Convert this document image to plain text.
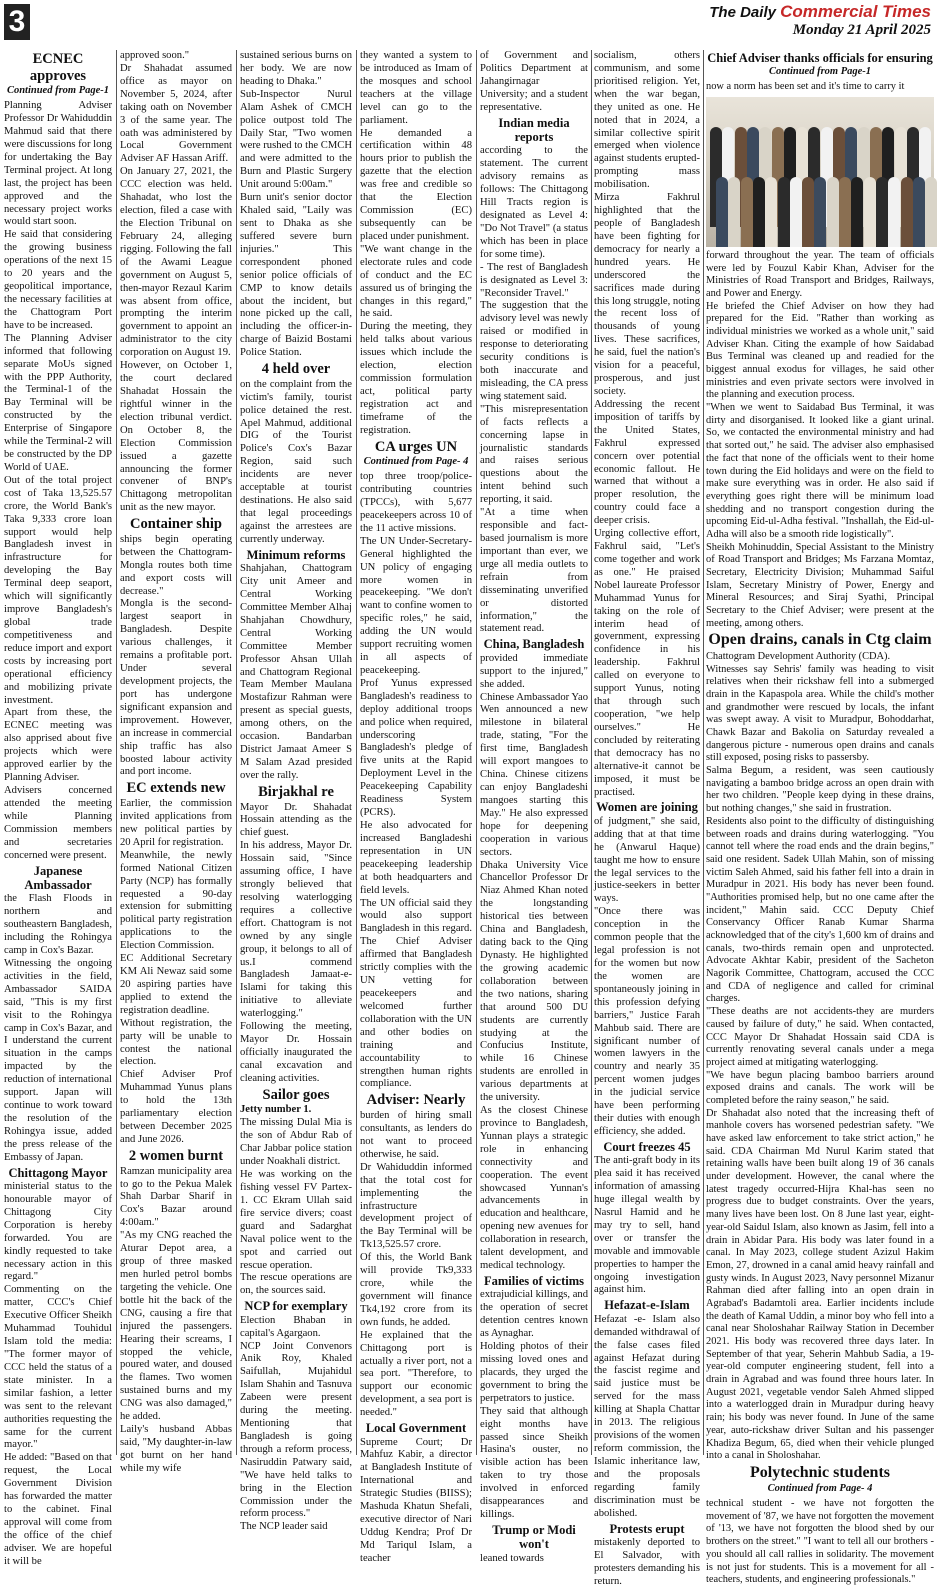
3	The Daily Commercial Times
Monday 21 April 2025
ECNEC approves
Continued from Page-1

Planning Adviser Professor Dr Wahiduddin Mahmud said that there were discussions for long for undertaking the Bay Terminal project. At long last, the project has been approved and the necessary project works would start soon.

He said that considering the growing business operations of the next 15 to 20 years and the geopolitical importance, the necessary facilities at the Chattogram Port have to be increased.

The Planning Adviser informed that following separate MoUs signed with the PPP Authority, the Terminal-1 of the Bay Terminal will be constructed by the Enterprise of Singapore while the Terminal-2 will be constructed by the DP World of UAE.

Out of the total project cost of Taka 13,525.57 crore, the World Bank's Taka 9,333 crore loan support would help Bangladesh invest in infrastructure for developing the Bay Terminal deep seaport, which will significantly improve Bangladesh's global trade competitiveness and reduce import and export costs by increasing port operational efficiency and mobilizing private investment.

Apart from these, the ECNEC meeting was also apprised about five projects which were approved earlier by the Planning Adviser.

Advisers concerned attended the meeting while Planning Commission members and secretaries concerned were present.

Japanese Ambassador

the Flash Floods in northern and southeastern Bangladesh, including the Rohingya camp in Cox's Bazar.

Witnessing the ongoing activities in the field, Ambassador SAIDA said, "This is my first visit to the Rohingya camp in Cox's Bazar, and I understand the current situation in the camps impacted by the reduction of international support. Japan will continue to work toward the resolution of the Rohingya issue, added the press release of the Embassy of Japan.

Chittagong Mayor

ministerial status to the honourable mayor of Chittagong City Corporation is hereby forwarded. You are kindly requested to take necessary action in this regard."

Commenting on the matter, CCC's Chief Executive Officer Sheikh Muhammad Touhidul Islam told the media: "The former mayor of CCC held the status of a state minister. In a similar fashion, a letter was sent to the relevant authorities requesting the same for the current mayor."

He added: "Based on that request, the Local Government Division has forwarded the matter to the cabinet. Final approval will come from the office of the chief adviser. We are hopeful it will be

approved soon."

Dr Shahadat assumed office as mayor on November 5, 2024, after taking oath on November 3 of the same year. The oath was administered by Local Government Adviser AF Hassan Ariff.

On January 27, 2021, the CCC election was held. Shahadat, who lost the election, filed a case with the Election Tribunal on February 24, alleging rigging. Following the fall of the Awami League government on August 5, then-mayor Rezaul Karim was absent from office, prompting the interim government to appoint an administrator to the city corporation on August 19.

However, on October 1, the court declared Shahadat Hossain the rightful winner in the election tribunal verdict. On October 8, the Election Commission issued a gazette announcing the former convener of BNP's Chittagong metropolitan unit as the new mayor.

Container ship

ships begin operating between the Chattogram-Mongla routes both time and export costs will decrease."

Mongla is the second-largest seaport in Bangladesh. Despite various challenges, it remains a profitable port. Under several development projects, the port has undergone significant expansion and improvement. However, an increase in commercial ship traffic has also boosted labour activity and port income.

EC extends new

Earlier, the commission invited applications from new political parties by 20 April for registration.

Meanwhile, the newly formed National Citizen Party (NCP) has formally requested a 90-day extension for submitting political party registration applications to the Election Commission.

EC Additional Secretary KM Ali Newaz said some 20 aspiring parties have applied to extend the registration deadline.

Without registration, the party will be unable to contest the national election.

Chief Adviser Prof Muhammad Yunus plans to hold the 13th parliamentary election between December 2025 and June 2026.

2 women burnt

Ramzan municipality area to go to the Pekua Malek Shah Darbar Sharif in Cox's Bazar around 4:00am."

"As my CNG reached the Aturar Depot area, a group of three masked men hurled petrol bombs targeting the vehicle. One bottle hit the back of the CNG, causing a fire that injured the passengers. Hearing their screams, I stopped the vehicle, poured water, and doused the flames. Two women sustained burns and my CNG was also damaged," he added.

Laily's husband Abbas said, "My daughter-in-law got burnt on her hand while my wife

sustained serious burns on her body. We are now heading to Dhaka."

Sub-Inspector Nurul Alam Ashek of CMCH police outpost told The Daily Star, "Two women were rushed to the CMCH and were admitted to the Burn and Plastic Surgery Unit around 5:00am."

Burn unit's senior doctor Khaled said, "Laily was sent to Dhaka as she suffered severe burn injuries." This correspondent phoned senior police officials of CMP to know details about the incident, but none picked up the call, including the officer-in-charge of Baizid Bostami Police Station.

4 held over

on the complaint from the victim's family, tourist police detained the rest. Apel Mahmud, additional DIG of the Tourist Police's Cox's Bazar Region, said such incidents are never acceptable at tourist destinations. He also said that legal proceedings against the arrestees are currently underway.

Minimum reforms

Shahjahan, Chattogram City unit Ameer and Central Working Committee Member Alhaj Shahjahan Chowdhury, Central Working Committee Member Professor Ahsan Ullah and Chattogram Regional Team Member Maulana Mostafizur Rahman were present as special guests, among others, on the occasion. Bandarban District Jamaat Ameer S M Salam Azad presided over the rally.

Birjakhal re

Mayor Dr. Shahadat Hossain attending as the chief guest.

In his address, Mayor Dr. Hossain said, "Since assuming office, I have strongly believed that resolving waterlogging requires a collective effort. Chattogram is not owned by any single group, it belongs to all of us.I commend Bangladesh Jamaat-e-Islami for taking this initiative to alleviate waterlogging."

Following the meeting, Mayor Dr. Hossain officially inaugurated the canal excavation and cleaning activities.

Sailor goes

Jetty number 1.

The missing Dulal Mia is the son of Abdur Rab of Char Jabbar police station under Noakhali district.

He was working on the fishing vessel FV Partex-1. CC Ekram Ullah said fire service divers; coast guard and Sadarghat Naval police went to the spot and carried out rescue operation.

The rescue operations are on, the sources said.

NCP for exemplary

Election Bhaban in capital's Agargaon.

NCP Joint Convenors Anik Roy, Khaled Saifullah, Mujahidul Islam Shahin and Tasnuva Zabeen were present during the meeting. Mentioning that Bangladesh is going through a reform process, Nasiruddin Patwary said, "We have held talks to bring in the Election Commission under the reform process."

The NCP leader said

they wanted a system to be introduced as Imam of the mosques and school teachers at the village level can go to the parliament.

He demanded a certification within 48 hours prior to publish the gazette that the election was free and credible so that the Election Commission (EC) subsequently can be placed under punishment.

"We want change in the electorate rules and code of conduct and the EC assured us of bringing the changes in this regard," he said.

During the meeting, they held talks about various issues which include the election, election commission formulation act, political party registration act and timeframe of the registration.

CA urges UN
Continued from Page- 4

top three troop/police-contributing countries (TPCCs), with 5,677 peacekeepers across 10 of the 11 active missions.

The UN Under-Secretary-General highlighted the UN policy of engaging more women in peacekeeping. "We don't want to confine women to specific roles," he said, adding the UN would support recruiting women in all aspects of peacekeeping.

Prof Yunus expressed Bangladesh's readiness to deploy additional troops and police when required, underscoring Bangladesh's pledge of five units at the Rapid Deployment Level in the Peacekeeping Capability Readiness System (PCRS).

He also advocated for increased Bangladeshi representation in UN peacekeeping leadership at both headquarters and field levels.

The UN official said they would also support Bangladesh in this regard. The Chief Adviser affirmed that Bangladesh strictly complies with the UN vetting for peacekeepers and welcomed further collaboration with the UN and other bodies on training and accountability to strengthen human rights compliance.

Adviser: Nearly

burden of hiring small consultants, as lenders do not want to proceed otherwise, he said.

Dr Wahiduddin informed that the total cost for implementing the infrastructure development project of the Bay Terminal will be Tk13,525.57 crore.

Of this, the World Bank will provide Tk9,333 crore, while the government will finance Tk4,192 crore from its own funds, he added.

He explained that the Chittagong port is actually a river port, not a sea port. "Therefore, to support our economic development, a sea port is needed."

Local Government

Supreme Court; Dr Mahfuz Kabir, a director at Bangladesh Institute of International and Strategic Studies (BIISS); Mashuda Khatun Shefali, executive director of Nari Uddug Kendra; Prof Dr Md Tariqul Islam, a teacher

of Government and Politics Department at Jahangirnagar University; and a student representative.

Indian media reports

according to the statement. The current advisory remains as follows: The Chittagong Hill Tracts region is designated as Level 4: "Do Not Travel" (a status which has been in place for some time).

- The rest of Bangladesh is designated as Level 3: "Reconsider Travel."

The suggestion that the advisory level was newly raised or modified in response to deteriorating security conditions is both inaccurate and misleading, the CA press wing statement said.

"This misrepresentation of facts reflects a concerning lapse in journalistic standards and raises serious questions about the intent behind such reporting, it said.

"At a time when responsible and fact-based journalism is more important than ever, we urge all media outlets to refrain from disseminating unverified or distorted information," the statement read.

China, Bangladesh

provided immediate support to the injured," she added.

Chinese Ambassador Yao Wen announced a new milestone in bilateral trade, stating, "For the first time, Bangladesh will export mangoes to China. Chinese citizens can enjoy Bangladeshi mangoes starting this May." He also expressed hope for deepening cooperation in various sectors.

Dhaka University Vice Chancellor Professor Dr Niaz Ahmed Khan noted the longstanding historical ties between China and Bangladesh, dating back to the Qing Dynasty. He highlighted the growing academic collaboration between the two nations, sharing that around 500 DU students are currently studying at the Confucius Institute, while 16 Chinese students are enrolled in various departments at the university.

As the closest Chinese province to Bangladesh, Yunnan plays a strategic role in enhancing connectivity and cooperation. The event showcased Yunnan's advancements in education and healthcare, opening new avenues for collaboration in research, talent development, and medical technology.

Families of victims

extrajudicial killings, and the operation of secret detention centres known as Aynaghar.

Holding photos of their missing loved ones and placards, they urged the government to bring the perpetrators to justice.

They said that although eight months have passed since Sheikh Hasina's ouster, no visible action has been taken to try those involved in enforced disappearances and killings.

Trump or Modi won't

leaned towards

socialism, others communism, and some prioritised religion. Yet, when the war began, they united as one. He noted that in 2024, a similar collective spirit emerged when violence against students erupted-prompting mass mobilisation.

Mirza Fakhrul highlighted that the people of Bangladesh have been fighting for democracy for nearly a hundred years. He underscored the sacrifices made during this long struggle, noting the recent loss of thousands of young lives. These sacrifices, he said, fuel the nation's vision for a peaceful, prosperous, and just society.

Addressing the recent imposition of tariffs by the United States, Fakhrul expressed concern over potential economic fallout. He warned that without a proper resolution, the country could face a deeper crisis.

Urging collective effort, Fakhrul said, "Let's come together and work as one." He praised Nobel laureate Professor Muhammad Yunus for taking on the role of interim head of government, expressing confidence in his leadership. Fakhrul called on everyone to support Yunus, noting that through such cooperation, "we help ourselves." He concluded by reiterating that democracy has no alternative-it cannot be imposed, it must be practised.

Women are joining

of judgment," she said, adding that at that time he (Anwarul Haque) taught me how to ensure the legal services to the justice-seekers in better ways.

"Once there was conception in the common people that the legal profession is not for the women but now the women are spontaneously joining in this profession defying barriers," Justice Farah Mahbub said. There are significant number of women lawyers in the country and nearly 35 percent women judges in the judicial service have been performing their duties with enough efficiency, she added.

Court freezes 45

The anti-graft body in its plea said it has received information of amassing huge illegal wealth by Nasrul Hamid and he may try to sell, hand over or transfer the movable and immovable properties to hamper the ongoing investigation against him.

Hefazat-e-Islam

Hefazat -e- Islam also demanded withdrawal of the false cases filed against Hefazat during the fascist regime and said justice must be served for the mass killing at Shapla Chattar in 2013. The religious provisions of the women reform commission, the Islamic inheritance law, and the proposals regarding family discrimination must be abolished.

Protests erupt

mistakenly deported to El Salvador, with protesters demanding his return.

Chief Adviser thanks officials for ensuring
Continued from Page-1

now a norm has been set and it's time to carry it

forward throughout the year. The team of officials were led by Fouzul Kabir Khan, Adviser for the Ministries of Road Transport and Bridges, Railways, and Power and Energy.

He briefed the Chief Adviser on how they had prepared for the Eid. "Rather than working as individual ministries we worked as a whole unit," said Adviser Khan. Citing the example of how Saidabad Bus Terminal was cleaned up and readied for the biggest annual exodus for villages, he said other ministries and even private sectors were involved in the planning and execution process.

"When we went to Saidabad Bus Terminal, it was dirty and disorganised. It looked like a giant urinal. So, we contacted the environmental ministry and had that sorted out," he said. The adviser also emphasised the fact that none of the officials went to their home town during the Eid holidays and were on the field to make sure everything was in order. He also said if everything goes right there will be minimum load shedding and no transport congestion during the upcoming Eid-ul-Adha festival. "Inshallah, the Eid-ul-Adha will also be a smooth ride logistically".

Sheikh Mohinuddin, Special Assistant to the Ministry of Road Transport and Bridges; Ms Farzana Momtaz, Secretary, Electricity Division; Muhammad Saiful Islam, Secretary Ministry of Power, Energy and Mineral Resources; and Siraj Syathi, Principal Secretary to the Chief Adviser; were present at the meeting, among others.

Open drains, canals in Ctg claim

Chattogram Development Authority (CDA).

Witnesses say Sehris' family was heading to visit relatives when their rickshaw fell into a submerged drain in the Kapaspola area. While the child's mother and grandmother were rescued by locals, the infant was swept away. A visit to Muradpur, Bohoddarhat, Chawk Bazar and Bakolia on Saturday revealed a dangerous picture - numerous open drains and canals still exposed, posing risks to passersby.

Salma Begum, a resident, was seen cautiously navigating a bamboo bridge across an open drain with her two children. "People keep dying in these drains, but nothing changes," she said in frustration.

Residents also point to the difficulty of distinguishing between roads and drains during waterlogging. "You cannot tell where the road ends and the drain begins," said one resident. Sadek Ullah Mahin, son of missing victim Saleh Ahmed, said his father fell into a drain in Muradpur in 2021. His body has never been found. "Authorities promised help, but no one came after the incident," Mahin said. CCC Deputy Chief Conservancy Officer Ranab Kumar Sharma acknowledged that of the city's 1,600 km of drains and canals, two-thirds remain open and unprotected. Advocate Akhtar Kabir, president of the Sacheton Nagorik Committee, Chattogram, accused the CCC and CDA of negligence and called for criminal charges.

"These deaths are not accidents-they are murders caused by failure of duty," he said. When contacted, CCC Mayor Dr Shahadat Hossain said CDA is currently renovating several canals under a mega project aimed at mitigating waterlogging.

"We have begun placing bamboo barriers around exposed drains and canals. The work will be completed before the rainy season," he said.

Dr Shahadat also noted that the increasing theft of manhole covers has worsened pedestrian safety. "We have asked law enforcement to take strict action," he said. CDA Chairman Md Nurul Karim stated that retaining walls have been built along 19 of 36 canals under development. However, the canal where the latest tragedy occurred-Hijra Khal-has seen no progress due to budget constraints. Over the years, many lives have been lost. On 8 June last year, eight-year-old Saidul Islam, also known as Jasim, fell into a drain in Abidar Para. His body was later found in a canal. In May 2023, college student Azizul Hakim Emon, 27, drowned in a canal amid heavy rainfall and gusty winds. In August 2023, Navy personnel Mizanur Rahman died after falling into an open drain in Agrabad's Badamtoli area. Earlier incidents include the death of Kamal Uddin, a minor boy who fell into a canal near Sholoshahar Railway Station in December 2021. His body was recovered three days later. In September of that year, Seherin Mahbub Sadia, a 19-year-old computer engineering student, fell into a drain in Agrabad and was found three hours later. In August 2021, vegetable vendor Saleh Ahmed slipped into a waterlogged drain in Muradpur during heavy rain; his body was never found. In June of the same year, auto-rickshaw driver Sultan and his passenger Khadiza Begum, 65, died when their vehicle plunged into a canal in Sholoshahar.

Polytechnic students
Continued from Page- 4

technical student - we have not forgotten the movement of '87, we have not forgotten the movement of '13, we have not forgotten the blood shed by our brothers on the street." "I want to tell all our brothers - you should all call rallies in solidarity. The movement is not just for students. This is a movement for all - teachers, students, and engineering professionals."
